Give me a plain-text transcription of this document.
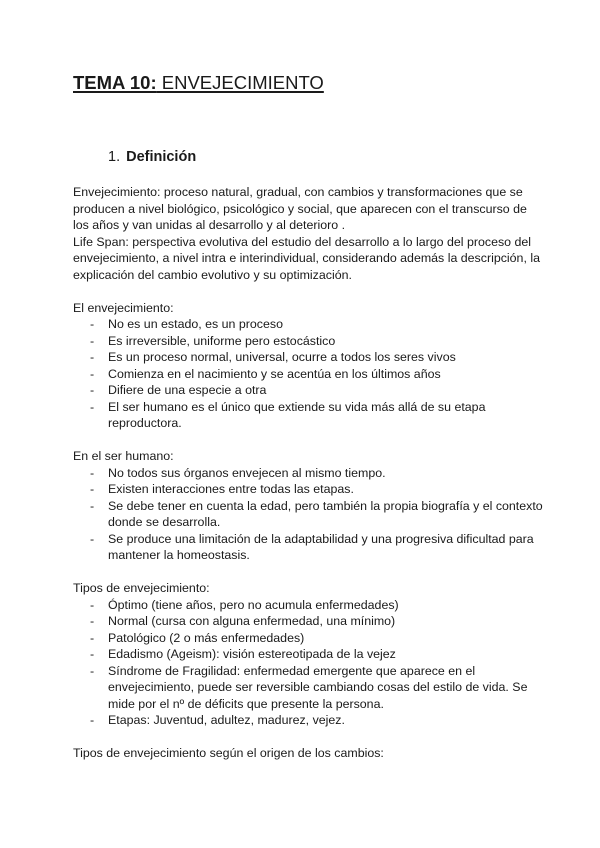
TEMA 10: ENVEJECIMIENTO
1. Definición

Envejecimiento: proceso natural, gradual, con cambios y transformaciones que se producen a nivel biológico, psicológico y social, que aparecen con el transcurso de los años y van unidas al desarrollo y al deterioro .

Life Span: perspectiva evolutiva del estudio del desarrollo a lo largo del proceso del envejecimiento, a nivel intra e interindividual, considerando además la descripción, la explicación del cambio evolutivo y su optimización.

El envejecimiento:

- No es un estado, es un proceso
- Es irreversible, uniforme pero estocástico
- Es un proceso normal, universal, ocurre a todos los seres vivos
- Comienza en el nacimiento y se acentúa en los últimos años
- Difiere de una especie a otra
- El ser humano es el único que extiende su vida más allá de su etapa reproductora.

En el ser humano:

- No todos sus órganos envejecen al mismo tiempo.
- Existen interacciones entre todas las etapas.
- Se debe tener en cuenta la edad, pero también la propia biografía y el contexto donde se desarrolla.
- Se produce una limitación de la adaptabilidad y una progresiva dificultad para mantener la homeostasis.

Tipos de envejecimiento:

- Óptimo (tiene años, pero no acumula enfermedades)
- Normal (cursa con alguna enfermedad, una mínimo)
- Patológico (2 o más enfermedades)
- Edadismo (Ageism): visión estereotipada de la vejez
- Síndrome de Fragilidad: enfermedad emergente que aparece en el envejecimiento, puede ser reversible cambiando cosas del estilo de vida. Se mide por el nº de déficits que presente la persona.
- Etapas: Juventud, adultez, madurez, vejez.

Tipos de envejecimiento según el origen de los cambios:
